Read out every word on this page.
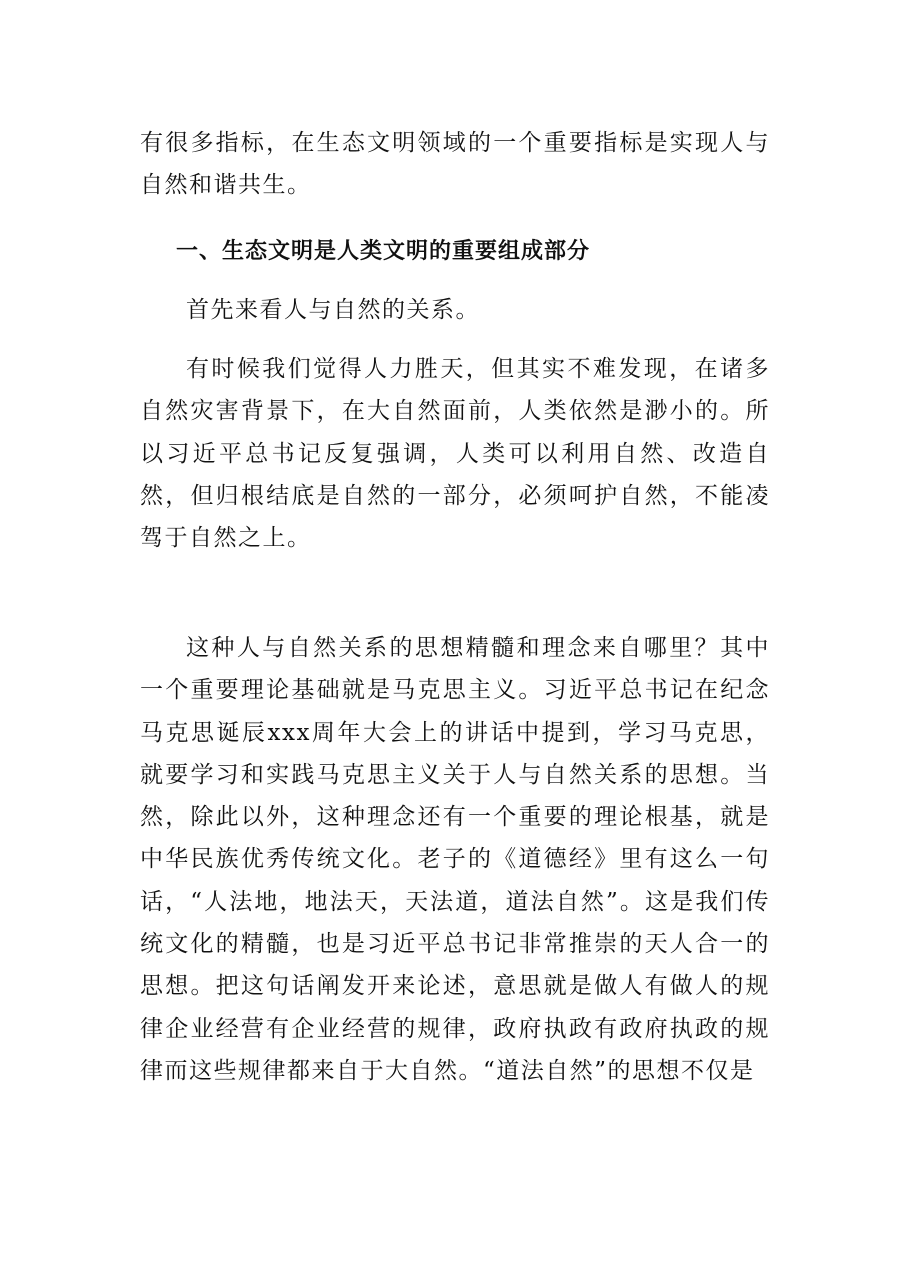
有很多指标，在生态文明领域的一个重要指标是实现人与自然和谐共生。

一、生态文明是人类文明的重要组成部分

首先来看人与自然的关系。

有时候我们觉得人力胜天，但其实不难发现，在诸多自然灾害背景下，在大自然面前，人类依然是渺小的。所以习近平总书记反复强调，人类可以利用自然、改造自然，但归根结底是自然的一部分，必须呵护自然，不能凌驾于自然之上。

这种人与自然关系的思想精髓和理念来自哪里？其中一个重要理论基础就是马克思主义。习近平总书记在纪念马克思诞辰xxx周年大会上的讲话中提到，学习马克思，就要学习和实践马克思主义关于人与自然关系的思想。当然，除此以外，这种理念还有一个重要的理论根基，就是中华民族优秀传统文化。老子的《道德经》里有这么一句话，“人法地，地法天，天法道，道法自然”。这是我们传统文化的精髓，也是习近平总书记非常推崇的天人合一的思想。把这句话阐发开来论述，意思就是做人有做人的规律企业经营有企业经营的规律，政府执政有政府执政的规律而这些规律都来自于大自然。“道法自然”的思想不仅是
